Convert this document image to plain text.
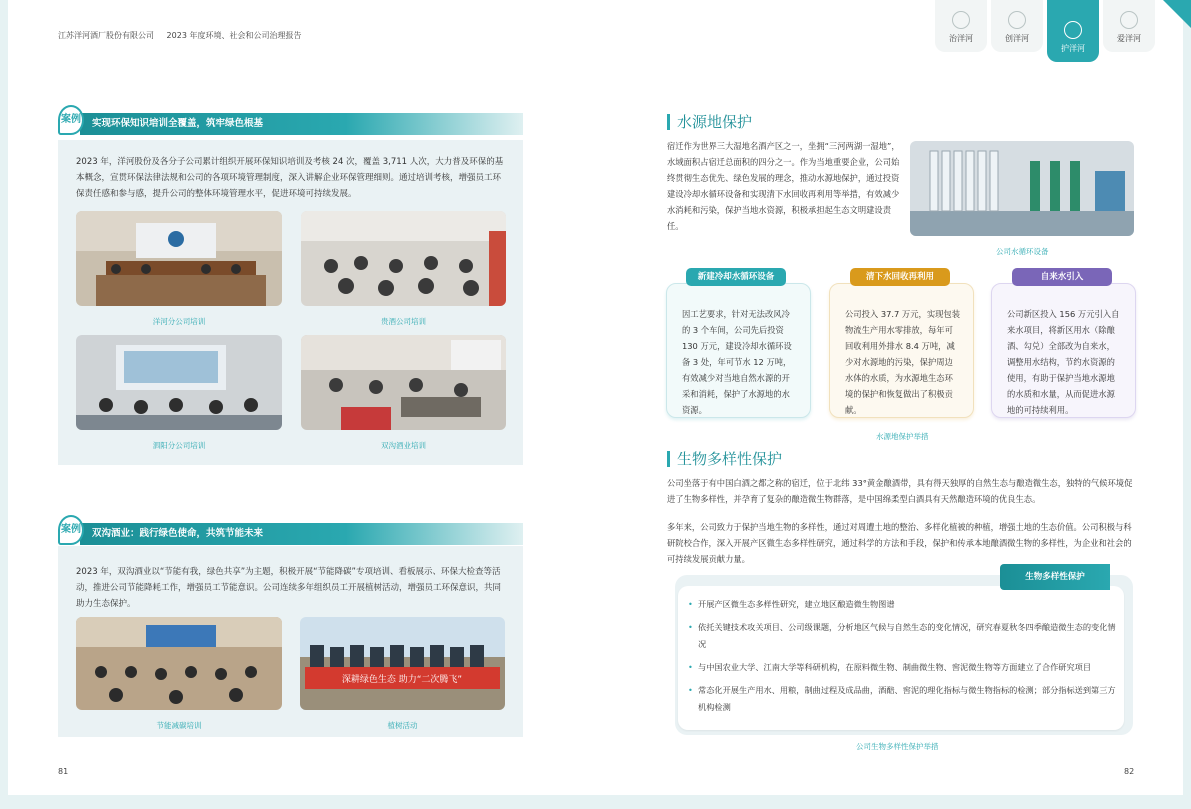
江苏洋河酒厂股份有限公司 2023 年度环境、社会和公司治理报告	治洋河	创洋河
护洋河
爱洋河
实现环保知识培训全覆盖，筑牢绿色根基
案例
2023 年，洋河股份及各分子公司累计组织开展环保知识培训及考核 24 次，覆盖 3,711 人次，大力普及环保的基本概念，宣贯环保法律法规和公司的各项环境管理制度，深入讲解企业环保管理细则。通过培训考核，增强员工环保责任感和参与感，提升公司的整体环境管理水平，促进环境可持续发展。
洋河分公司培训	贵酒公司培训
泗阳分公司培训	双沟酒业培训
双沟酒业：践行绿色使命，共筑节能未来
案例
2023 年，双沟酒业以“节能有我，绿色共享”为主题，积极开展“节能降碳”专项培训、看板展示、环保大检查等活动，推进公司节能降耗工作，增强员工节能意识。公司连续多年组织员工开展植树活动，增强员工环保意识，共同助力生态保护。
节能减碳培训
深耕绿色生态 助力“二次腾飞”
植树活动
81
水源地保护
宿迁作为世界三大湿地名酒产区之一，坐拥“三河两湖一湿地”，水域面积占宿迁总面积的四分之一。作为当地重要企业，公司始终贯彻生态优先、绿色发展的理念，推动水源地保护，通过投资建设冷却水循环设备和实现清下水回收再利用等举措，有效减少水消耗和污染，保护当地水资源，积极承担起生态文明建设责任。
公司水循环设备
因工艺要求，针对无法改风冷的 3 个车间，公司先后投资 130 万元，建设冷却水循环设备 3 处，年可节水 12 万吨，有效减少对当地自然水源的开采和消耗，保护了水源地的水资源。
新建冷却水循环设备
公司投入 37.7 万元，实现包装物流生产用水零排放，每年可回收利用外排水 8.4 万吨，减少对水源地的污染，保护周边水体的水质，为水源地生态环境的保护和恢复做出了积极贡献。
清下水回收再利用
公司新区投入 156 万元引入自来水项目，将新区用水（除酿酒、勾兑）全部改为自来水，调整用水结构，节约水资源的使用，有助于保护当地水源地的水质和水量，从而促进水源地的可持续利用。
自来水引入
水源地保护举措
生物多样性保护
公司坐落于有中国白酒之都之称的宿迁，位于北纬 33°黄金酿酒带，具有得天独厚的自然生态与酿造微生态，独特的气候环境促进了生物多样性，并孕育了复杂的酿造微生物群落，是中国绵柔型白酒具有天然酿造环境的优良生态。
多年来，公司致力于保护当地生物的多样性，通过对周遭土地的整治、多样化植被的种植，增强土地的生态价值。公司积极与科研院校合作，深入开展产区微生态多样性研究，通过科学的方法和手段，保护和传承本地酿酒微生物的多样性，为企业和社会的可持续发展贡献力量。
生物多样性保护
• 开展产区微生态多样性研究，建立地区酿造微生物图谱
• 依托关键技术攻关项目、公司级课题，分析地区气候与自然生态的变化情况，研究春夏秋冬四季酿造微生态的变化情况
• 与中国农业大学、江南大学等科研机构，在原料微生物、制曲微生物、窖泥微生物等方面建立了合作研究项目
• 常态化开展生产用水、用粮，制曲过程及成品曲，酒醅、窖泥的理化指标与微生物指标的检测；部分指标送到第三方机构检测
公司生物多样性保护举措
82
